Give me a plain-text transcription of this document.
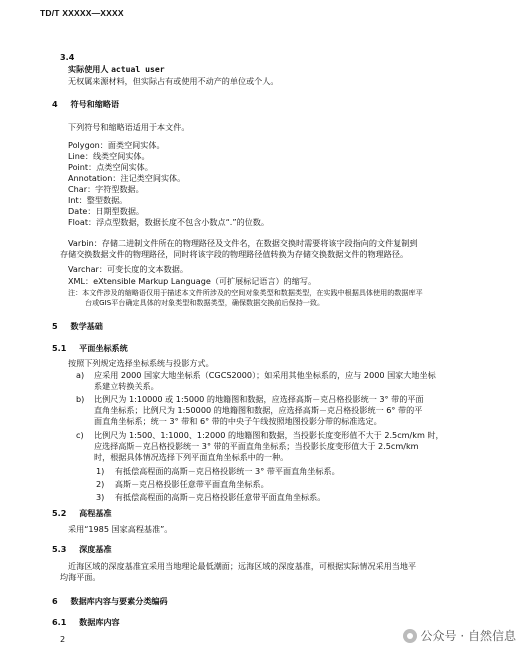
TD/T XXXXX—XXXX
3.4
实际使用人 actual user
无权属来源材料，但实际占有或使用不动产的单位或个人。
4 符号和缩略语
下列符号和缩略语适用于本文件。
Polygon：面类空间实体。
Line：线类空间实体。
Point：点类空间实体。
Annotation：注记类空间实体。
Char：字符型数据。
Int：整型数据。
Date：日期型数据。
Float：浮点型数据，数据长度不包含小数点“.”的位数。
Varbin：存储二进制文件所在的物理路径及文件名，在数据交换时需要将该字段指向的文件复制到
存储交换数据文件的物理路径，同时将该字段的物理路径值转换为存储交换数据文件的物理路径。
Varchar：可变长度的文本数据。
XML：eXtensible Markup Language（可扩展标记语言）的缩写。
注：本文件涉及的缩略语仅用于描述本文件所涉及的空间对象类型和数据类型，在实践中根据具体使用的数据库平
台或GIS平台确定具体的对象类型和数据类型，确保数据交换前后保持一致。
5 数学基础
5.1 平面坐标系统
按照下列规定选择坐标系统与投影方式。
a) 应采用 2000 国家大地坐标系（CGCS2000）；如采用其他坐标系的，应与 2000 国家大地坐标
系建立转换关系。
b) 比例尺为 1:10000 或 1:5000 的地籍图和数据，应选择高斯－克吕格投影统一 3° 带的平面
直角坐标系；比例尺为 1:50000 的地籍图和数据，应选择高斯－克吕格投影统一 6° 带的平
面直角坐标系；统一 3° 带和 6° 带的中央子午线按照地图投影分带的标准选定。
c) 比例尺为 1:500、1:1000、1:2000 的地籍图和数据，当投影长度变形值不大于 2.5cm/km 时，
应选择高斯－克吕格投影统一 3° 带的平面直角坐标系；当投影长度变形值大于 2.5cm/km
时，根据具体情况选择下列平面直角坐标系中的一种。
1) 有抵偿高程面的高斯－克吕格投影统一 3° 带平面直角坐标系。
2) 高斯－克吕格投影任意带平面直角坐标系。
3) 有抵偿高程面的高斯－克吕格投影任意带平面直角坐标系。
5.2 高程基准
采用“1985 国家高程基准”。
5.3 深度基准
近海区域的深度基准宜采用当地理论最低潮面；远海区域的深度基准，可根据实际情况采用当地平
均海平面。
6 数据库内容与要素分类编码
6.1 数据库内容
2	公众号 · 自然信息
